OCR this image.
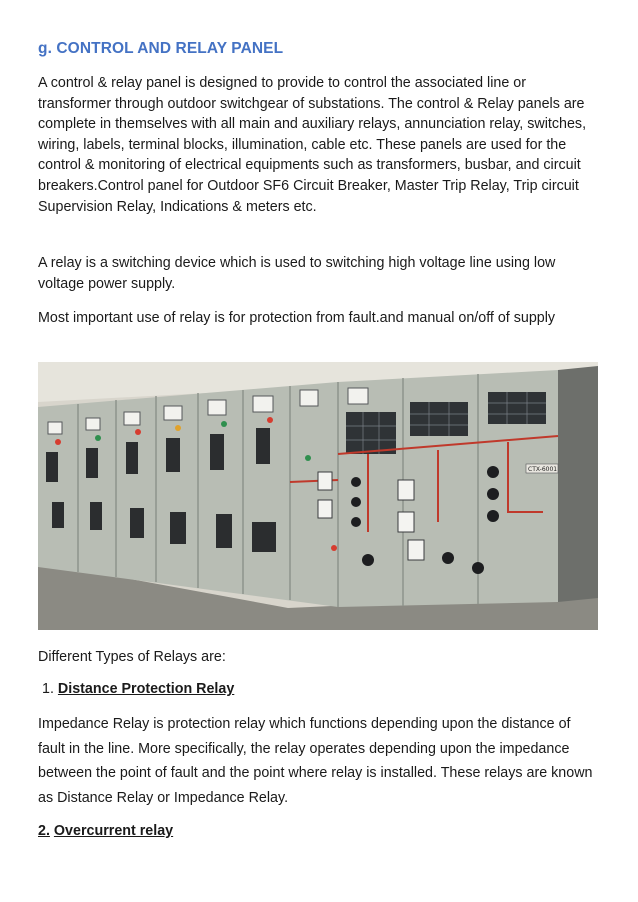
g. CONTROL AND RELAY PANEL

A control & relay panel is designed to provide to control the associated line or transformer through outdoor switchgear of substations. The control & Relay panels are complete in themselves with all main and auxiliary relays, annunciation relay, switches, wiring, labels, terminal blocks, illumination, cable etc. These panels are used for the control & monitoring of electrical equipments such as transformers, busbar, and circuit breakers.Control panel for Outdoor SF6 Circuit Breaker, Master Trip Relay, Trip circuit Supervision Relay, Indications & meters etc.

A relay is a switching device which is used to switching high voltage line using low voltage power supply.

Most important use of relay is for protection from fault.and manual on/off of supply

CTX-6001

Different Types of Relays are:

1. Distance Protection Relay

Impedance Relay is protection relay which functions depending upon the distance of fault in the line. More specifically, the relay operates depending upon the impedance between the point of fault and the point where relay is installed. These relays are known as Distance Relay or Impedance Relay.

2. Overcurrent relay
